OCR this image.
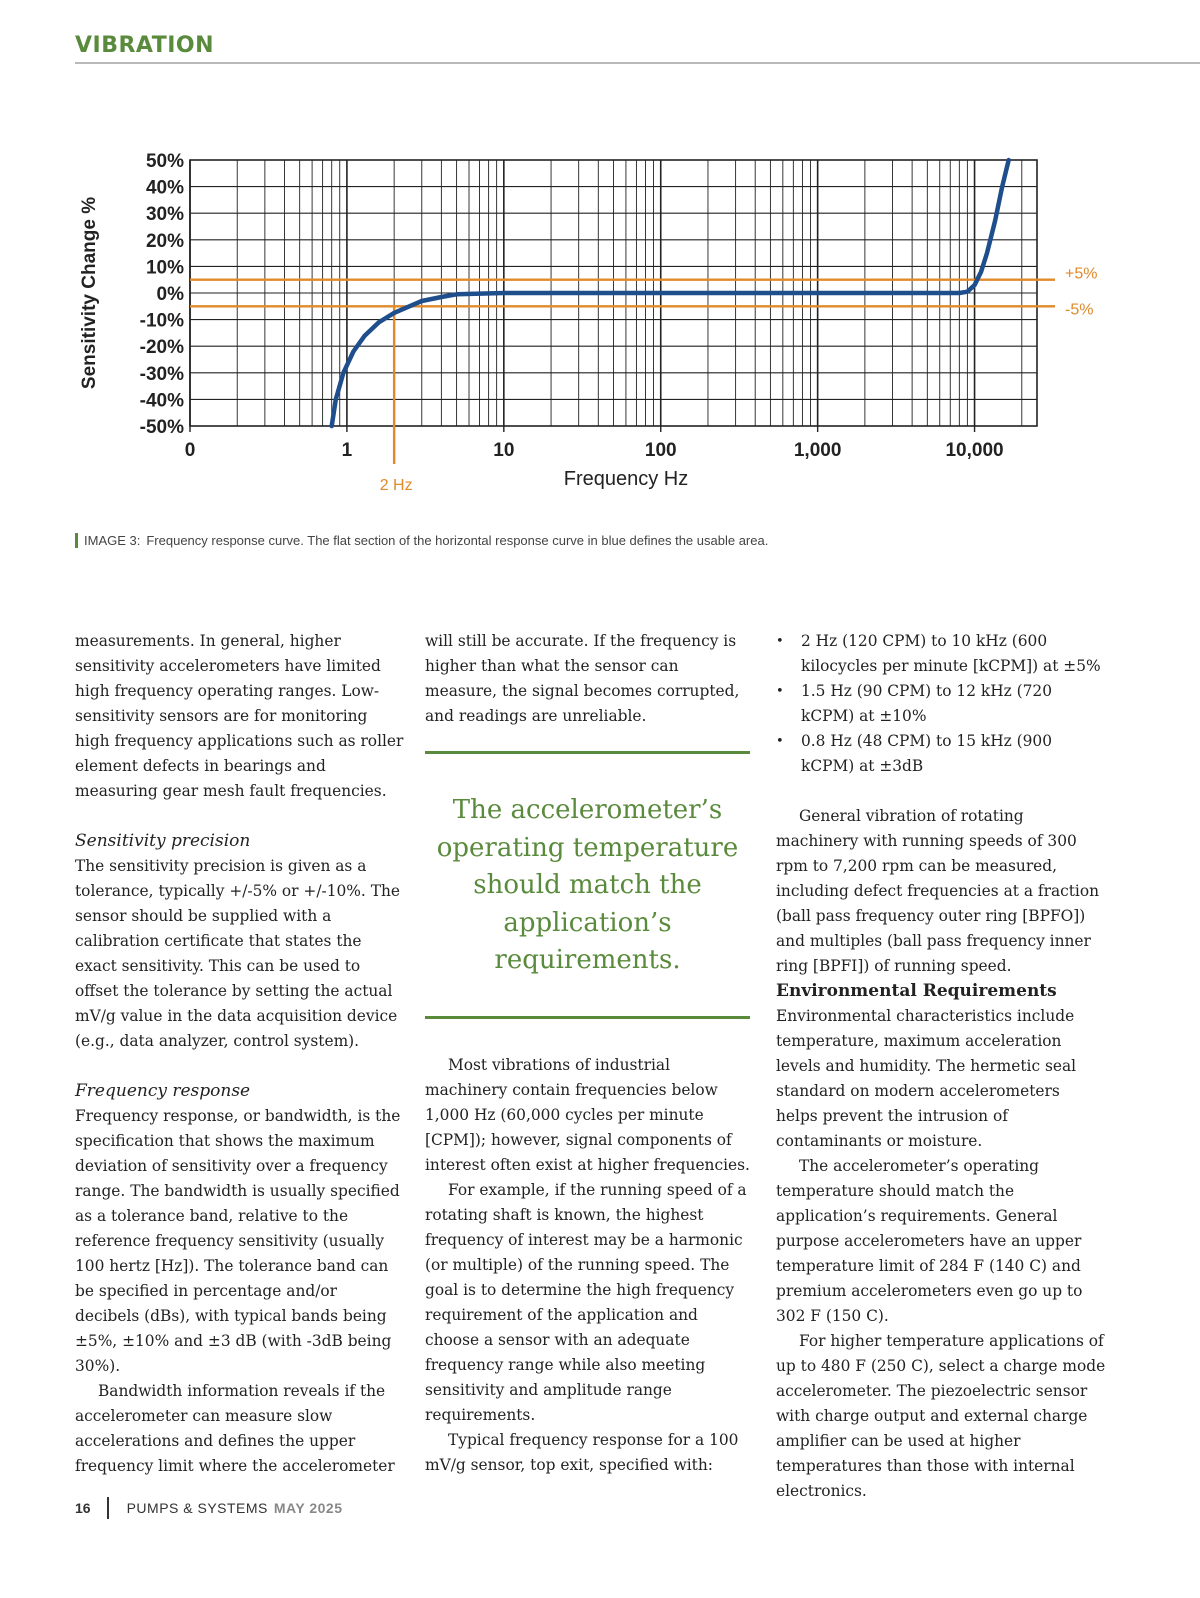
VIBRATION
+5%
-5%
2 Hz
50%
40%
30%
20%
10%
0%
-10%
-20%
-30%
-40%
-50%
0	1	10	100	1,000	10,000
Sensitivity Change %
Frequency Hz
IMAGE 3: Frequency response curve. The flat section of the horizontal response curve in blue defines the usable area.

measurements. In general, higher sensitivity accelerometers have limited high frequency operating ranges. Low-sensitivity sensors are for monitoring high frequency applications such as roller element defects in bearings and measuring gear mesh fault frequencies.

Sensitivity precision

The sensitivity precision is given as a tolerance, typically +/-5% or +/-10%. The sensor should be supplied with a calibration certificate that states the exact sensitivity. This can be used to offset the tolerance by setting the actual mV/g value in the data acquisition device (e.g., data analyzer, control system).

Frequency response

Frequency response, or bandwidth, is the specification that shows the maximum deviation of sensitivity over a frequency range. The bandwidth is usually specified as a tolerance band, relative to the reference frequency sensitivity (usually 100 hertz [Hz]). The tolerance band can be specified in percentage and/or decibels (dBs), with typical bands being ±5%, ±10% and ±3 dB (with -3dB being 30%).

Bandwidth information reveals if the accelerometer can measure slow accelerations and defines the upper frequency limit where the accelerometer

will still be accurate. If the frequency is higher than what the sensor can measure, the signal becomes corrupted, and readings are unreliable.

The accelerometer’s operating temperature should match the application’s requirements.

Most vibrations of industrial machinery contain frequencies below 1,000 Hz (60,000 cycles per minute [CPM]); however, signal components of interest often exist at higher frequencies.

For example, if the running speed of a rotating shaft is known, the highest frequency of interest may be a harmonic (or multiple) of the running speed. The goal is to determine the high frequency requirement of the application and choose a sensor with an adequate frequency range while also meeting sensitivity and amplitude range requirements.

Typical frequency response for a 100 mV/g sensor, top exit, specified with:

• 2 Hz (120 CPM) to 10 kHz (600 kilocycles per minute [kCPM]) at ±5%
• 1.5 Hz (90 CPM) to 12 kHz (720 kCPM) at ±10%
• 0.8 Hz (48 CPM) to 15 kHz (900 kCPM) at ±3dB

General vibration of rotating machinery with running speeds of 300 rpm to 7,200 rpm can be measured, including defect frequencies at a fraction (ball pass frequency outer ring [BPFO]) and multiples (ball pass frequency inner ring [BPFI]) of running speed.

Environmental Requirements

Environmental characteristics include temperature, maximum acceleration levels and humidity. The hermetic seal standard on modern accelerometers helps prevent the intrusion of contaminants or moisture.

The accelerometer’s operating temperature should match the application’s requirements. General purpose accelerometers have an upper temperature limit of 284 F (140 C) and premium accelerometers even go up to 302 F (150 C).

For higher temperature applications of up to 480 F (250 C), select a charge mode accelerometer. The piezoelectric sensor with charge output and external charge amplifier can be used at higher temperatures than those with internal electronics.

16	PUMPS & SYSTEMS MAY 2025
